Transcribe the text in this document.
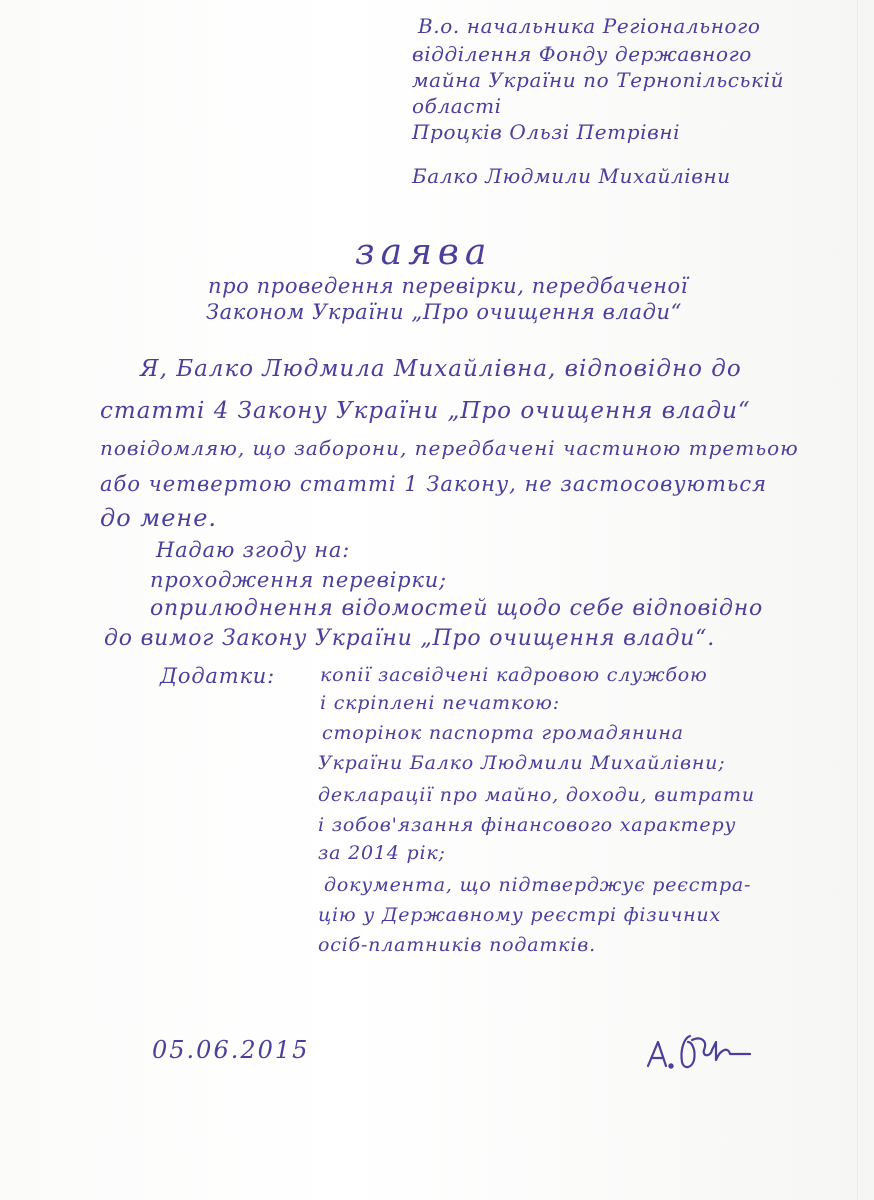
В.о. начальника Регіонального
відділення Фонду державного
майна України по Тернопільській
області
Процків Ользі Петрівні
Балко Людмили Михайлівни
заява
про проведення перевірки, передбаченої
Законом України „Про очищення влади“
Я, Балко Людмила Михайлівна, відповідно до
статті 4 Закону України „Про очищення влади“
повідомляю, що заборони, передбачені частиною третьою
або четвертою статті 1 Закону, не застосовуються
до мене.
Надаю згоду на:
проходження перевірки;
оприлюднення відомостей щодо себе відповідно
до вимог Закону України „Про очищення влади“.
Додатки: копії засвідчені кадровою службою
і скріплені печаткою:
сторінок паспорта громадянина
України Балко Людмили Михайлівни;
декларації про майно, доходи, витрати
і зобов'язання фінансового характеру
за 2014 рік;
документа, що підтверджує реєстра-
цію у Державному реєстрі фізичних
осіб-платників податків.
05.06.2015
